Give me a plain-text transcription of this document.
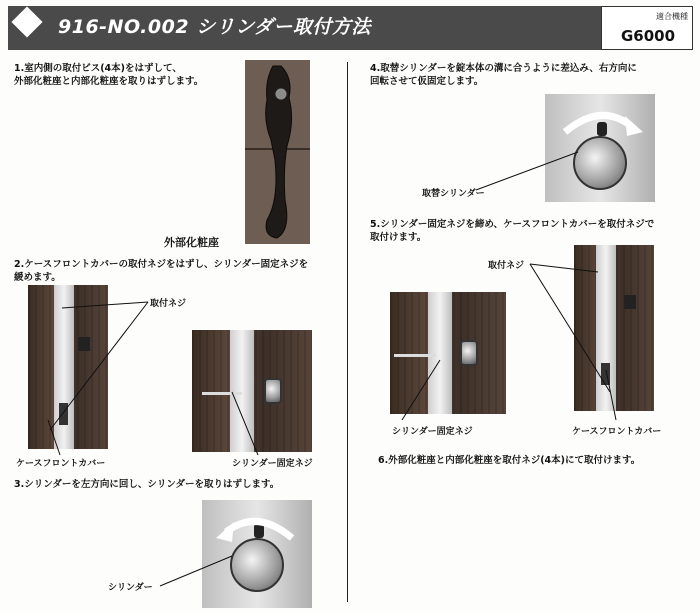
916-NO.002 シリンダー取付方法	適合機種
G6000
1.室内側の取付ビス(4本)をはずして、
外部化粧座と内部化粧座を取りはずします。
外部化粧座
2.ケースフロントカバーの取付ネジをはずし、シリンダー固定ネジを
緩めます。
取付ネジ
ケースフロントカバー	シリンダー固定ネジ
3.シリンダーを左方向に回し、シリンダーを取りはずします。
シリンダー
4.取替シリンダーを錠本体の溝に合うように差込み、右方向に
回転させて仮固定します。
取替シリンダー
5.シリンダー固定ネジを締め、ケースフロントカバーを取付ネジで
取付けます。
取付ネジ
シリンダー固定ネジ	ケースフロントカバー
6.外部化粧座と内部化粧座を取付ネジ(4本)にて取付けます。
